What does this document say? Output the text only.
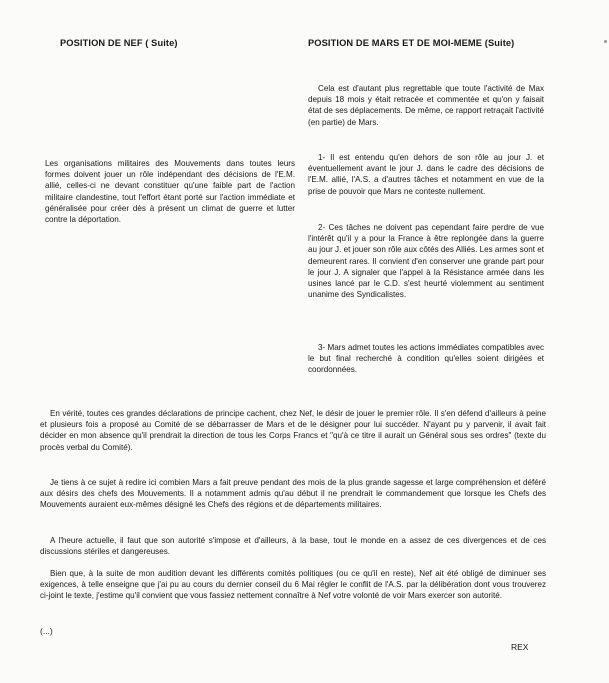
POSITION DE NEF ( Suite)	POSITION DE MARS ET DE MOI-MEME (Suite)

Cela est d'autant plus regrettable que toute l'activité de Max depuis 18 mois y était retracée et commentée et qu'on y faisait état de ses déplacements. De même, ce rapport retraçait l'activité (en partie) de Mars.

1- Il est entendu qu'en dehors de son rôle au jour J. et éventuellement avant le jour J. dans le cadre des décisions de l'E.M. allié, l'A.S. a d'autres tâches et notamment en vue de la prise de pouvoir que Mars ne conteste nullement.

2- Ces tâches ne doivent pas cependant faire perdre de vue l'intérêt qu'il y a pour la France à être replongée dans la guerre au jour J. et jouer son rôle aux côtés des Alliés. Les armes sont et demeurent rares. Il convient d'en conserver une grande part pour le jour J. A signaler que l'appel à la Résistance armée dans les usines lancé par le C.D. s'est heurté violemment au sentiment unanime des Syndicalistes.

3- Mars admet toutes les actions immédiates compatibles avec le but final recherché à condition qu'elles soient dirigées et coordonnées.

Les organisations militaires des Mouvements dans toutes leurs formes doivent jouer un rôle indépendant des décisions de l'E.M. allié, celles-ci ne devant constituer qu'une faible part de l'action militaire clandestine, tout l'effort étant porté sur l'action immédiate et généralisée pour créer dès à présent un climat de guerre et lutter contre la déportation.

En vérité, toutes ces grandes déclarations de principe cachent, chez Nef, le désir de jouer le premier rôle. Il s'en défend d'ailleurs à peine et plusieurs fois a proposé au Comité de se débarrasser de Mars et de le désigner pour lui succéder. N'ayant pu y parvenir, il avait fait décider en mon absence qu'il prendrait la direction de tous les Corps Francs et "qu'à ce titre il aurait un Général sous ses ordres" (texte du procès verbal du Comité).

Je tiens à ce sujet à redire ici combien Mars a fait preuve pendant des mois de la plus grande sagesse et large compréhension et déféré aux désirs des chefs des Mouvements. Il a notamment admis qu'au début il ne prendrait le commandement que lorsque les Chefs des Mouvements auraient eux-mêmes désigné les Chefs des régions et de départements militaires.

A l'heure actuelle, il faut que son autorité s'impose et d'ailleurs, à la base, tout le monde en a assez de ces divergences et de ces discussions stériles et dangereuses.

Bien que, à la suite de mon audition devant les différents comités politiques (ou ce qu'il en reste), Nef ait été obligé de diminuer ses exigences, à telle enseigne que j'ai pu au cours du dernier conseil du 6 Mai régler le conflit de l'A.S. par la délibération dont vous trouverez ci-joint le texte, j'estime qu'il convient que vous fassiez nettement connaître à Nef votre volonté de voir Mars exercer son autorité.

(...)
REX
